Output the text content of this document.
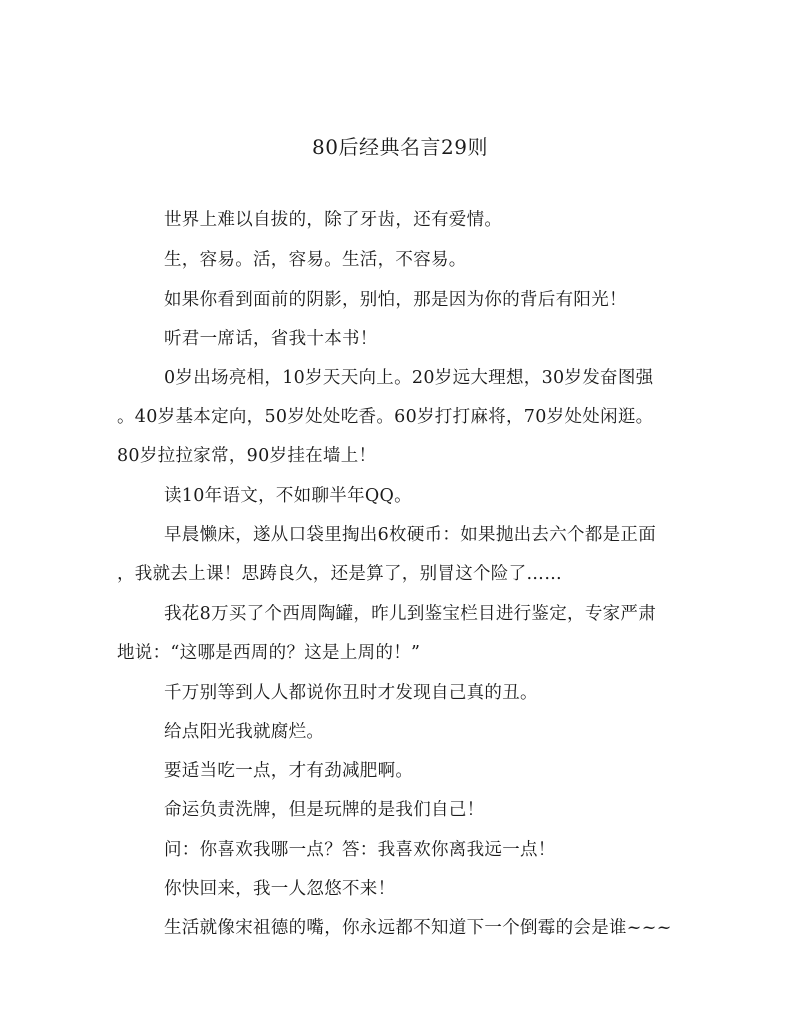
80后经典名言29则
世界上难以自拔的，除了牙齿，还有爱情。
生，容易。活，容易。生活，不容易。
如果你看到面前的阴影，别怕，那是因为你的背后有阳光！
听君一席话，省我十本书！
0岁出场亮相，10岁天天向上。20岁远大理想，30岁发奋图强
。40岁基本定向，50岁处处吃香。60岁打打麻将，70岁处处闲逛。
80岁拉拉家常，90岁挂在墙上！
读10年语文，不如聊半年QQ。
早晨懒床，遂从口袋里掏出6枚硬币：如果抛出去六个都是正面
，我就去上课！思踌良久，还是算了，别冒这个险了……
我花8万买了个西周陶罐，昨儿到鉴宝栏目进行鉴定，专家严肃
地说：“这哪是西周的？这是上周的！”
千万别等到人人都说你丑时才发现自己真的丑。
给点阳光我就腐烂。
要适当吃一点，才有劲减肥啊。
命运负责洗牌，但是玩牌的是我们自己！
问：你喜欢我哪一点？答：我喜欢你离我远一点！
你快回来，我一人忽悠不来！
生活就像宋祖德的嘴，你永远都不知道下一个倒霉的会是谁~~~
